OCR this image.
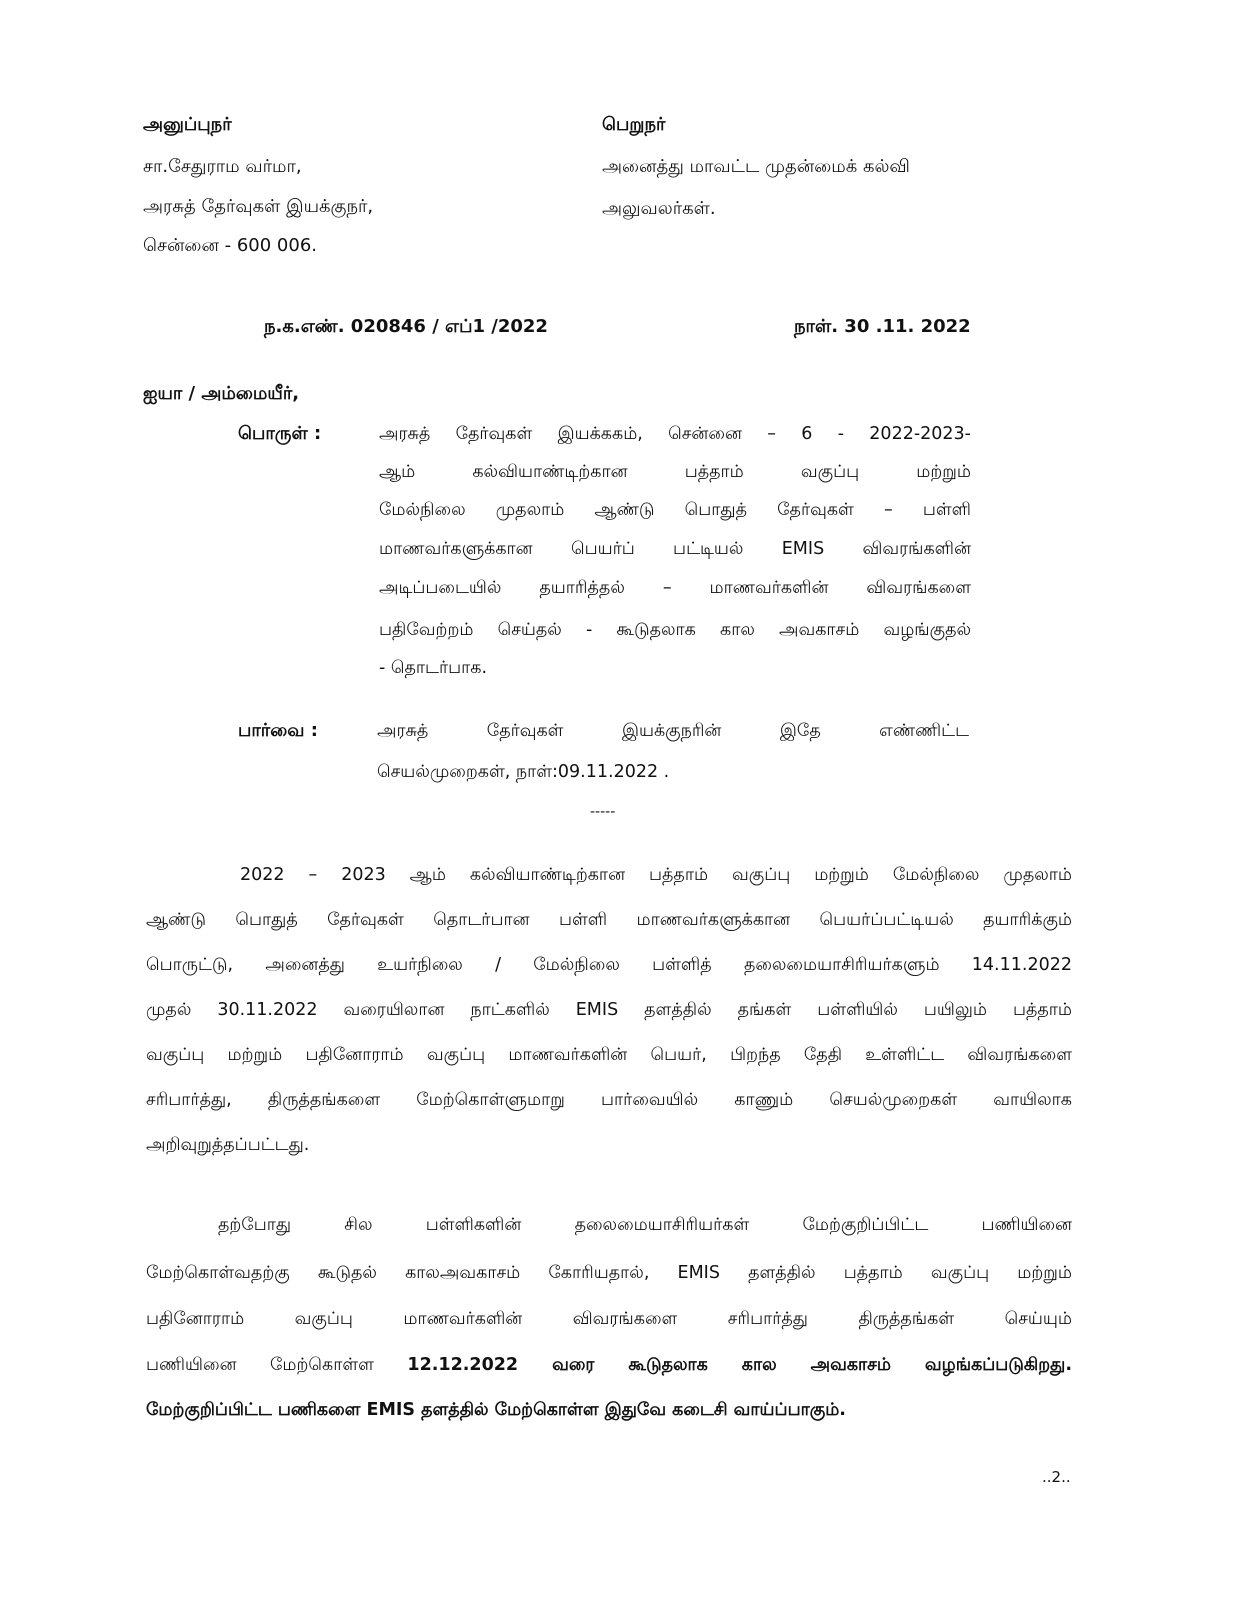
அனுப்புநர்
சா.சேதுராம வர்மா,
அரசுத் தேர்வுகள் இயக்குநர்,
சென்னை - 600 006.
பெறுநர்
அனைத்து மாவட்ட முதன்மைக் கல்வி
அலுவலர்கள்.
ந.க.எண். 020846 / எப்1 /2022	நாள். 30 .11. 2022
ஐயா / அம்மையீர்,
பொருள் :	அரசுத் தேர்வுகள் இயக்ககம், சென்னை – 6 - 2022-2023-
ஆம் கல்வியாண்டிற்கான பத்தாம் வகுப்பு மற்றும்
மேல்நிலை முதலாம் ஆண்டு பொதுத் தேர்வுகள் – பள்ளி
மாணவர்களுக்கான பெயர்ப் பட்டியல் EMIS விவரங்களின்
அடிப்படையில் தயாரித்தல் – மாணவர்களின் விவரங்களை
பதிவேற்றம் செய்தல் - கூடுதலாக கால அவகாசம் வழங்குதல்
- தொடர்பாக.
பார்வை :	அரசுத் தேர்வுகள் இயக்குநரின் இதே எண்ணிட்ட
செயல்முறைகள், நாள்:09.11.2022 .
-----
2022 – 2023 ஆம் கல்வியாண்டிற்கான பத்தாம் வகுப்பு மற்றும் மேல்நிலை முதலாம்
ஆண்டு பொதுத் தேர்வுகள் தொடர்பான பள்ளி மாணவர்களுக்கான பெயர்ப்பட்டியல் தயாரிக்கும்
பொருட்டு, அனைத்து உயர்நிலை / மேல்நிலை பள்ளித் தலைமையாசிரியர்களும் 14.11.2022
முதல் 30.11.2022 வரையிலான நாட்களில் EMIS தளத்தில் தங்கள் பள்ளியில் பயிலும் பத்தாம்
வகுப்பு மற்றும் பதினோராம் வகுப்பு மாணவர்களின் பெயர், பிறந்த தேதி உள்ளிட்ட விவரங்களை
சரிபார்த்து, திருத்தங்களை மேற்கொள்ளுமாறு பார்வையில் காணும் செயல்முறைகள் வாயிலாக
அறிவுறுத்தப்பட்டது.
தற்போது சில பள்ளிகளின் தலைமையாசிரியர்கள் மேற்குறிப்பிட்ட பணியினை
மேற்கொள்வதற்கு கூடுதல் காலஅவகாசம் கோரியதால், EMIS தளத்தில் பத்தாம் வகுப்பு மற்றும்
பதினோராம் வகுப்பு மாணவர்களின் விவரங்களை சரிபார்த்து திருத்தங்கள் செய்யும்
பணியினை மேற்கொள்ள 12.12.2022 வரை கூடுதலாக கால அவகாசம் வழங்கப்படுகிறது.
மேற்குறிப்பிட்ட பணிகளை EMIS தளத்தில் மேற்கொள்ள இதுவே கடைசி வாய்ப்பாகும்.
..2..
